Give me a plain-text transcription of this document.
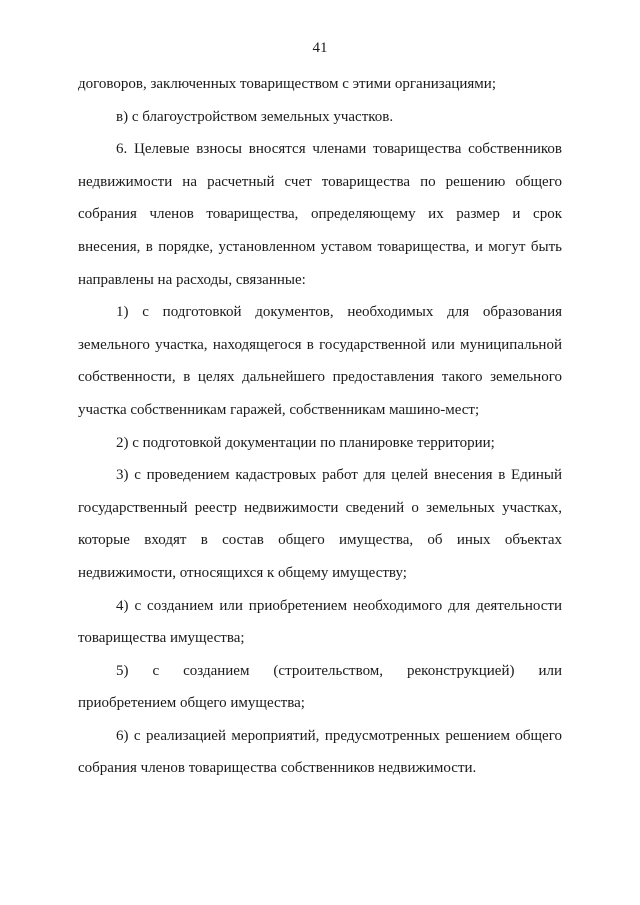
41

договоров, заключенных товариществом с этими организациями;

в) с благоустройством земельных участков.

6. Целевые взносы вносятся членами товарищества собственников недвижимости на расчетный счет товарищества по решению общего собрания членов товарищества, определяющему их размер и срок внесения, в порядке, установленном уставом товарищества, и могут быть направлены на расходы, связанные:

1) с подготовкой документов, необходимых для образования земельного участка, находящегося в государственной или муниципальной собственности, в целях дальнейшего предоставления такого земельного участка собственникам гаражей, собственникам машино-мест;

2) с подготовкой документации по планировке территории;

3) с проведением кадастровых работ для целей внесения в Единый государственный реестр недвижимости сведений о земельных участках, которые входят в состав общего имущества, об иных объектах недвижимости, относящихся к общему имуществу;

4) с созданием или приобретением необходимого для деятельности товарищества имущества;

5) с созданием (строительством, реконструкцией) или приобретением общего имущества;

6) с реализацией мероприятий, предусмотренных решением общего собрания членов товарищества собственников недвижимости.
